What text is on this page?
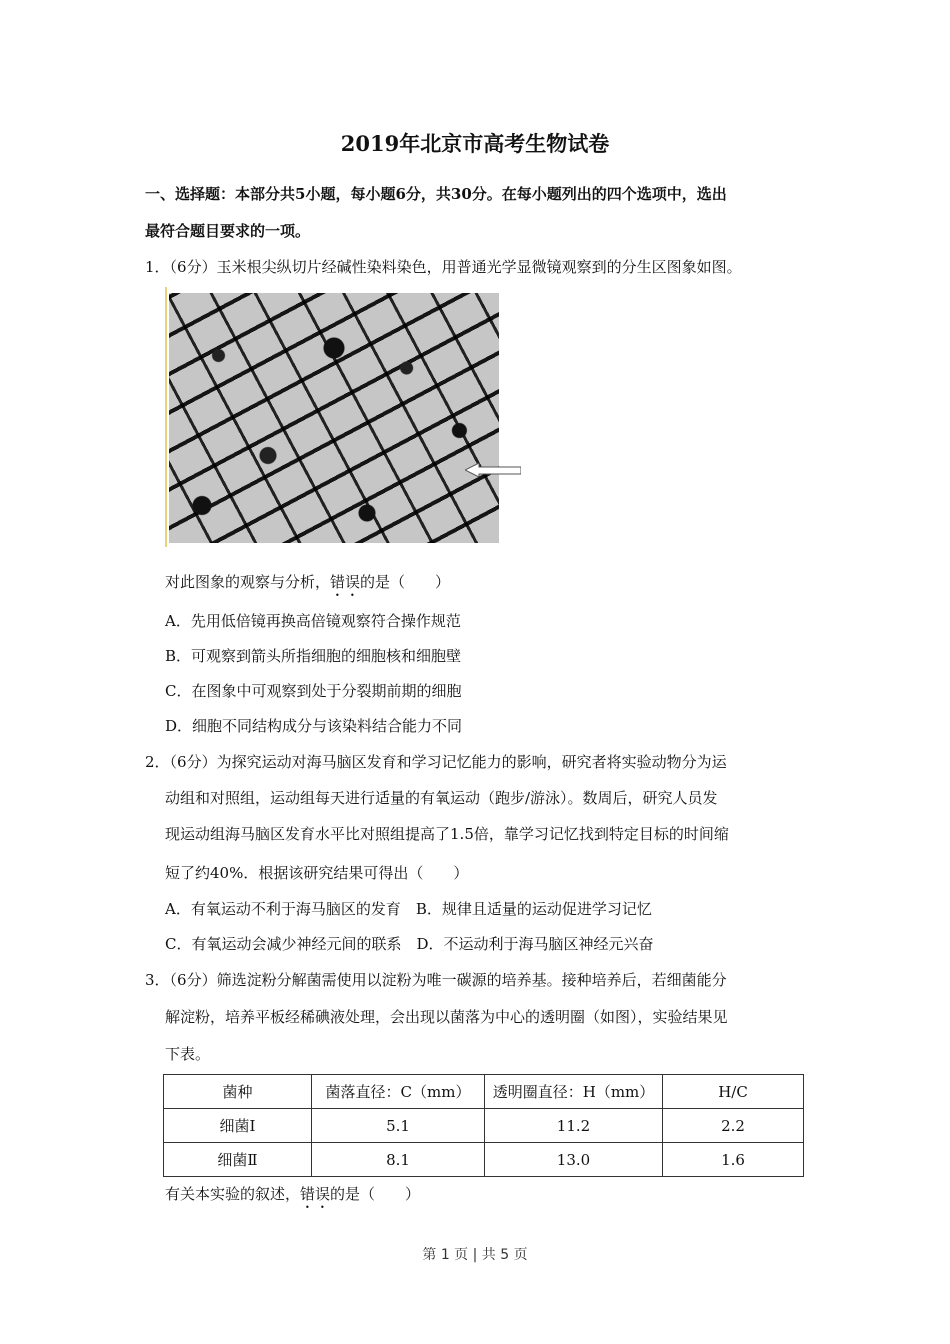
2019年北京市高考生物试卷
一、选择题：本部分共5小题，每小题6分，共30分。在每小题列出的四个选项中，选出
最符合题目要求的一项。
1．（6分）玉米根尖纵切片经碱性染料染色，用普通光学显微镜观察到的分生区图象如图。
对此图象的观察与分析，错误的是（　　）
A．先用低倍镜再换高倍镜观察符合操作规范
B．可观察到箭头所指细胞的细胞核和细胞壁
C．在图象中可观察到处于分裂期前期的细胞
D．细胞不同结构成分与该染料结合能力不同
2．（6分）为探究运动对海马脑区发育和学习记忆能力的影响，研究者将实验动物分为运
动组和对照组，运动组每天进行适量的有氧运动（跑步/游泳）。数周后，研究人员发
现运动组海马脑区发育水平比对照组提高了1.5倍，靠学习记忆找到特定目标的时间缩
短了约40%．根据该研究结果可得出（　　）
A．有氧运动不利于海马脑区的发育　B．规律且适量的运动促进学习记忆
C．有氧运动会减少神经元间的联系　D．不运动利于海马脑区神经元兴奋
3．（6分）筛选淀粉分解菌需使用以淀粉为唯一碳源的培养基。接种培养后，若细菌能分
解淀粉，培养平板经稀碘液处理，会出现以菌落为中心的透明圈（如图），实验结果见
下表。
菌种	菌落直径：C（mm）	透明圈直径：H（mm）	H/C
细菌Ⅰ	5.1	11.2	2.2
细菌Ⅱ	8.1	13.0	1.6
有关本实验的叙述，错误的是（　　）
第 1 页 | 共 5 页
